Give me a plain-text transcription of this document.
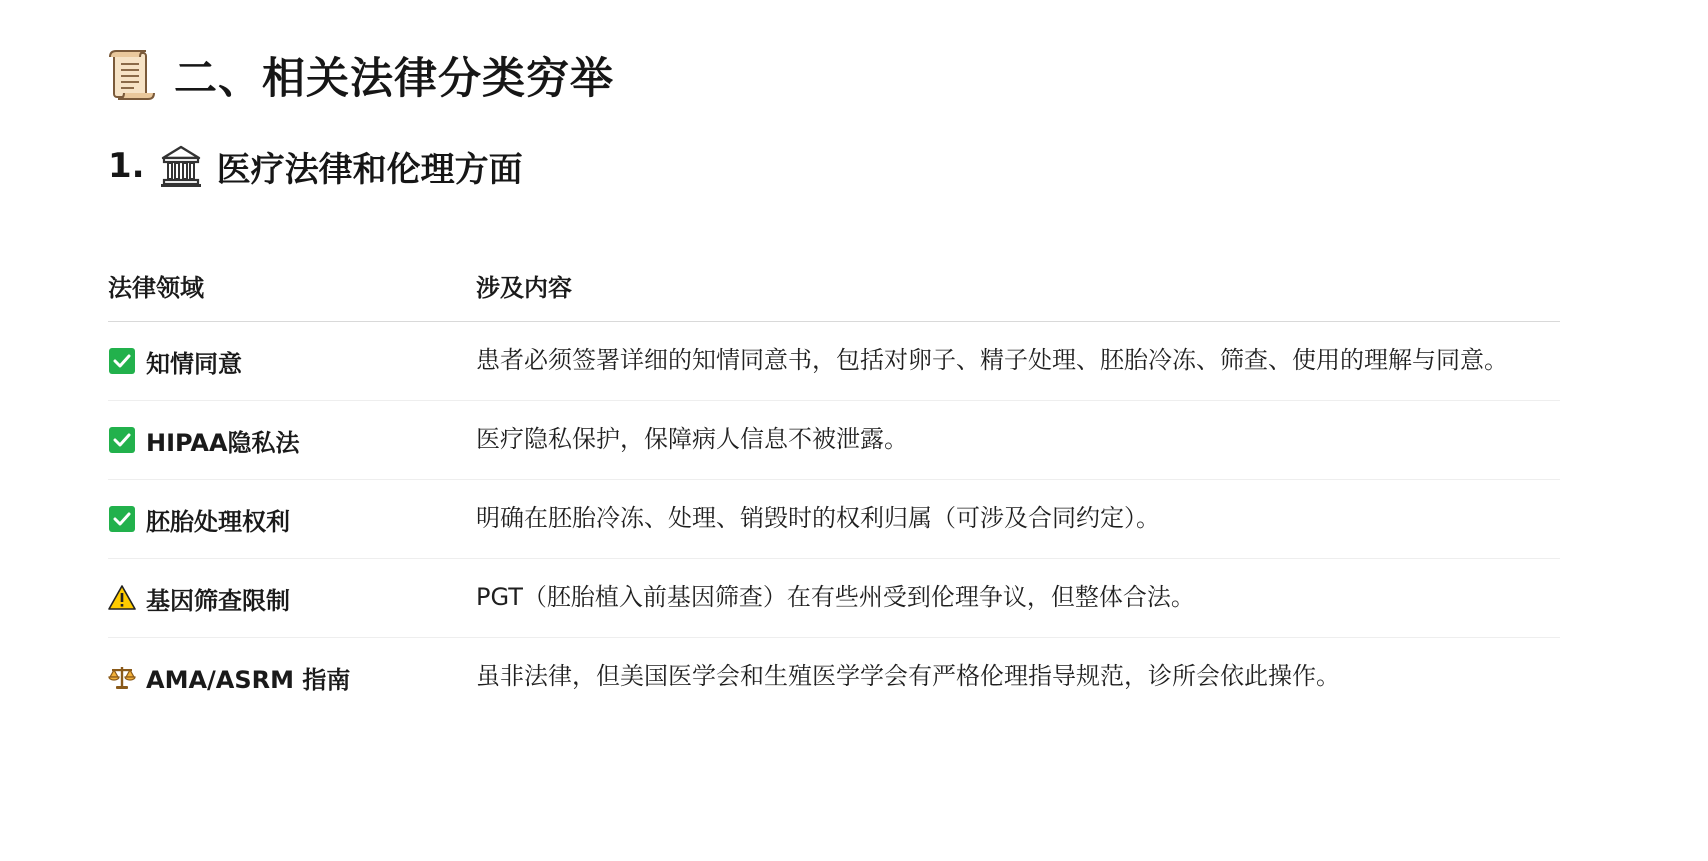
二、相关法律分类穷举
1. 医疗法律和伦理方面
法律领域	涉及内容
知情同意	患者必须签署详细的知情同意书，包括对卵子、精子处理、胚胎冷冻、筛查、使用的理解与同意。
HIPAA隐私法	医疗隐私保护，保障病人信息不被泄露。
胚胎处理权利	明确在胚胎冷冻、处理、销毁时的权利归属（可涉及合同约定）。
基因筛查限制	PGT（胚胎植入前基因筛查）在有些州受到伦理争议，但整体合法。
AMA/ASRM 指南	虽非法律，但美国医学会和生殖医学学会有严格伦理指导规范，诊所会依此操作。
